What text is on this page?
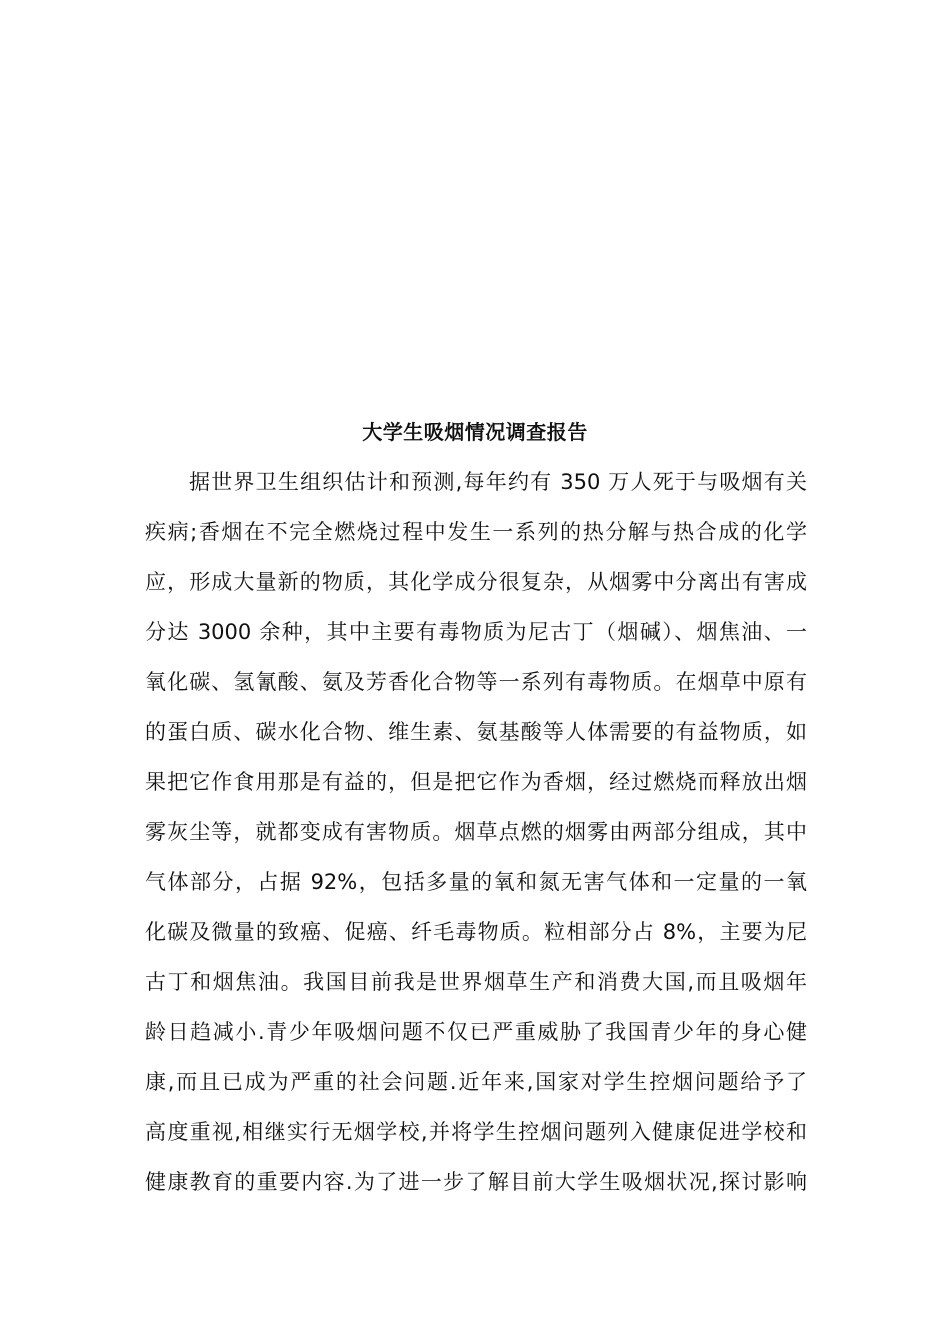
大学生吸烟情况调查报告
据世界卫生组织估计和预测,每年约有 350 万人死于与吸烟有关
疾病;香烟在不完全燃烧过程中发生一系列的热分解与热合成的化学
应，形成大量新的物质，其化学成分很复杂，从烟雾中分离出有害成
分达 3000 余种，其中主要有毒物质为尼古丁（烟碱）、烟焦油、一
氧化碳、氢氰酸、氨及芳香化合物等一系列有毒物质。在烟草中原有
的蛋白质、碳水化合物、维生素、氨基酸等人体需要的有益物质，如
果把它作食用那是有益的，但是把它作为香烟，经过燃烧而释放出烟
雾灰尘等，就都变成有害物质。烟草点燃的烟雾由两部分组成，其中
气体部分，占据 92%，包括多量的氧和氮无害气体和一定量的一氧
化碳及微量的致癌、促癌、纤毛毒物质。粒相部分占 8%，主要为尼
古丁和烟焦油。我国目前我是世界烟草生产和消费大国,而且吸烟年
龄日趋减小.青少年吸烟问题不仅已严重威胁了我国青少年的身心健
康,而且已成为严重的社会问题.近年来,国家对学生控烟问题给予了
高度重视,相继实行无烟学校,并将学生控烟问题列入健康促进学校和
健康教育的重要内容.为了进一步了解目前大学生吸烟状况,探讨影响
